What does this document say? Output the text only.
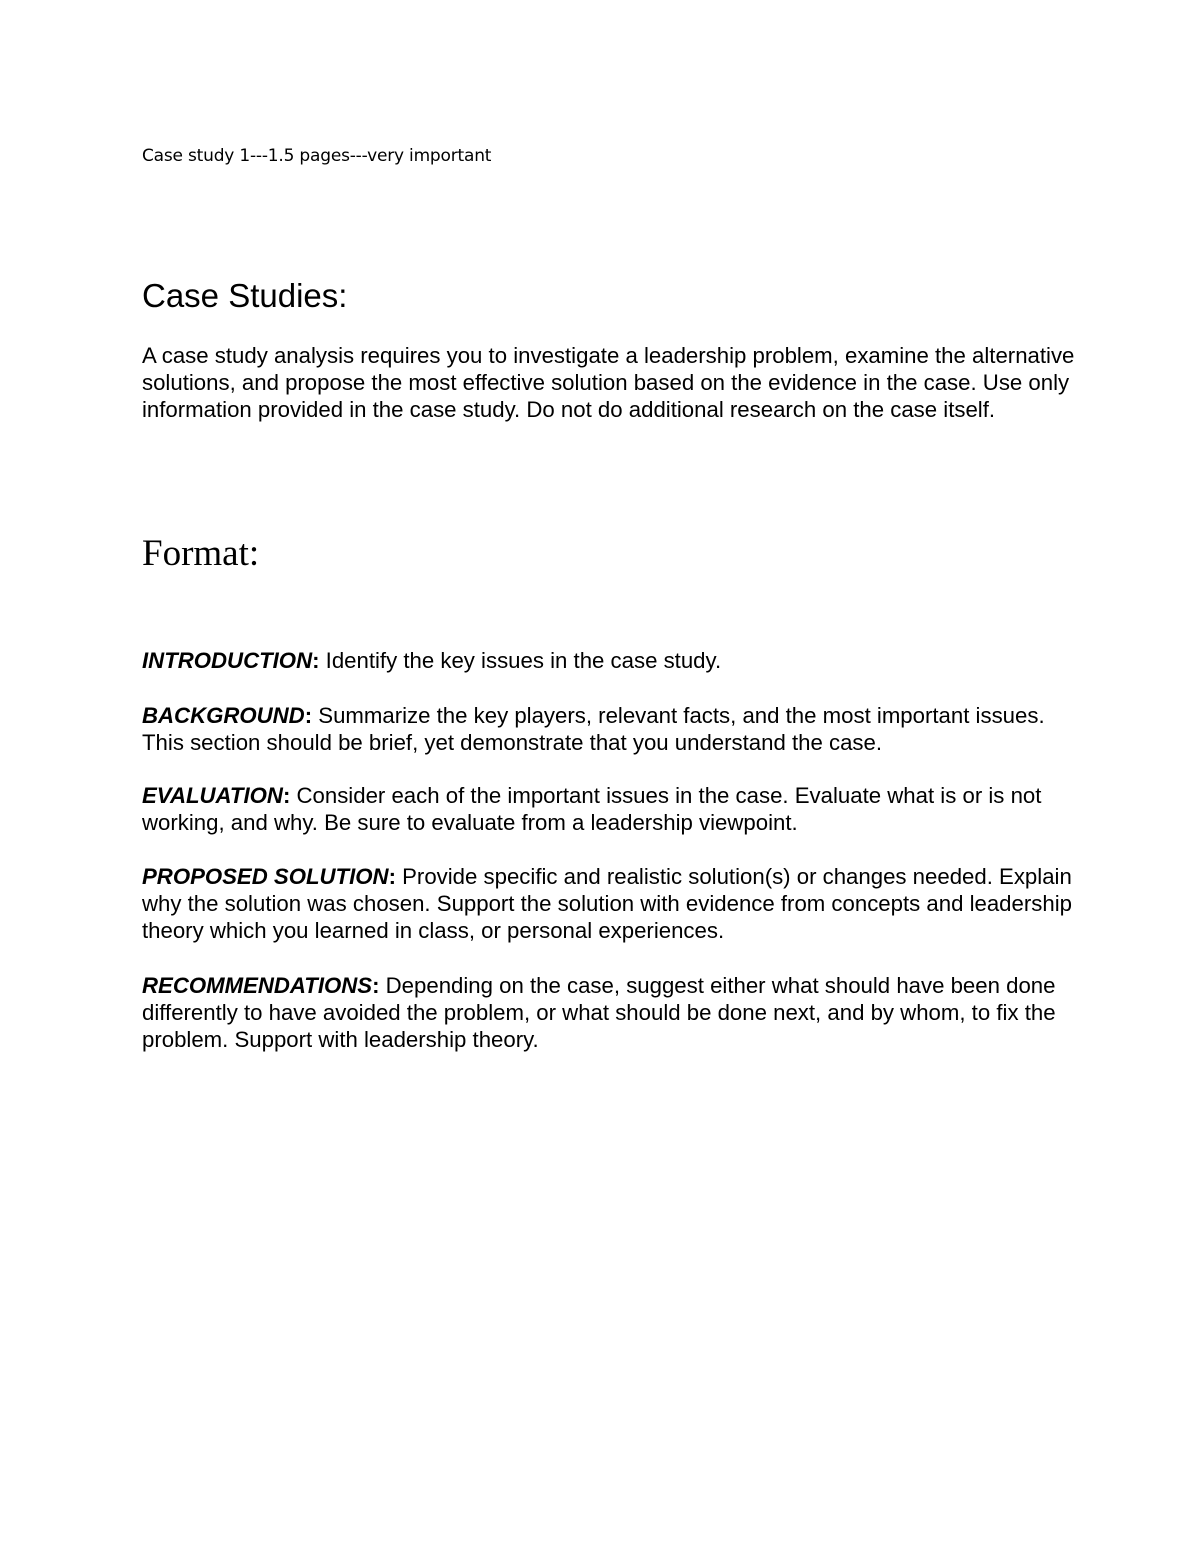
Case study 1---1.5 pages---very important
Case Studies:

A case study analysis requires you to investigate a leadership problem, examine the alternative solutions, and propose the most effective solution based on the evidence in the case. Use only information provided in the case study. Do not do additional research on the case itself.

Format:

INTRODUCTION: Identify the key issues in the case study.

BACKGROUND: Summarize the key players, relevant facts, and the most important issues. This section should be brief, yet demonstrate that you understand the case.

EVALUATION: Consider each of the important issues in the case. Evaluate what is or is not working, and why. Be sure to evaluate from a leadership viewpoint.

PROPOSED SOLUTION: Provide specific and realistic solution(s) or changes needed. Explain why the solution was chosen. Support the solution with evidence from concepts and leadership theory which you learned in class, or personal experiences.

RECOMMENDATIONS: Depending on the case, suggest either what should have been done differently to have avoided the problem, or what should be done next, and by whom, to fix the problem. Support with leadership theory.
